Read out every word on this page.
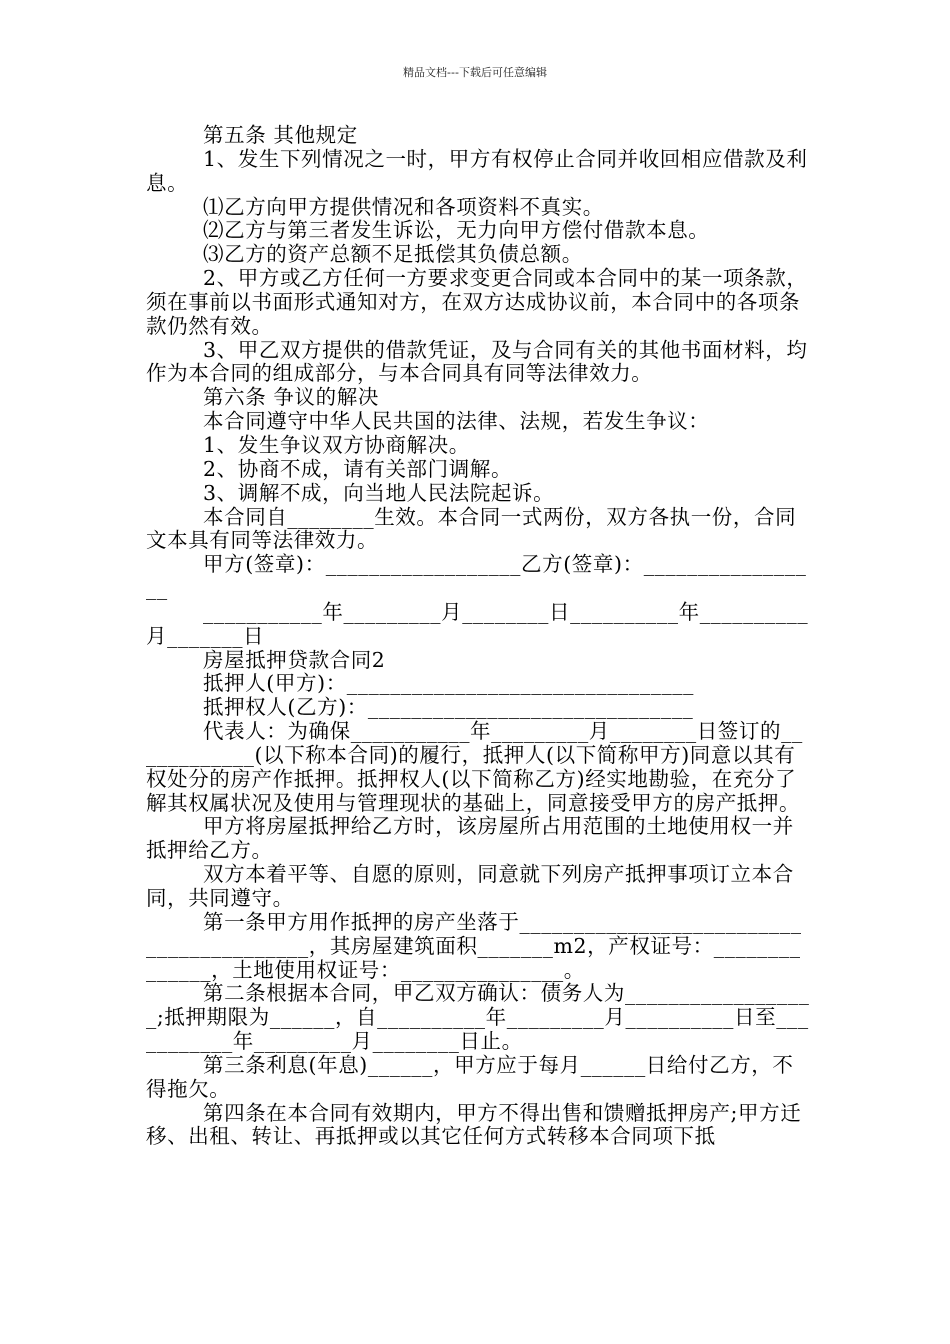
精品文档---下载后可任意编辑

第五条 其他规定

1、发生下列情况之一时，甲方有权停止合同并收回相应借款及利息。

⑴乙方向甲方提供情况和各项资料不真实。

⑵乙方与第三者发生诉讼，无力向甲方偿付借款本息。

⑶乙方的资产总额不足抵偿其负债总额。

2、甲方或乙方任何一方要求变更合同或本合同中的某一项条款，须在事前以书面形式通知对方，在双方达成协议前，本合同中的各项条款仍然有效。

3、甲乙双方提供的借款凭证，及与合同有关的其他书面材料，均作为本合同的组成部分，与本合同具有同等法律效力。

第六条 争议的解决

本合同遵守中华人民共国的法律、法规，若发生争议：

1、发生争议双方协商解决。

2、协商不成，请有关部门调解。

3、调解不成，向当地人民法院起诉。

本合同自________生效。本合同一式两份，双方各执一份，合同文本具有同等法律效力。

甲方(签章)：__________________乙方(签章)：_________________

___________年_________月________日__________年__________月_______日

房屋抵押贷款合同2

抵押人(甲方)：________________________________

抵押权人(乙方)：______________________________

代表人：为确保___________年_________月________日签订的____________(以下称本合同)的履行，抵押人(以下简称甲方)同意以其有权处分的房产作抵押。抵押权人(以下简称乙方)经实地勘验，在充分了解其权属状况及使用与管理现状的基础上，同意接受甲方的房产抵押。

甲方将房屋抵押给乙方时，该房屋所占用范围的土地使用权一并抵押给乙方。

双方本着平等、自愿的原则，同意就下列房产抵押事项订立本合同，共同遵守。

第一条甲方用作抵押的房产坐落于_________________________________________，其房屋建筑面积_______m2，产权证号：______________，土地使用权证号：_______________。

第二条根据本合同，甲乙双方确认：债务人为__________________;抵押期限为______，自__________年_________月__________日至___________年_________月________日止。

第三条利息(年息)______，甲方应于每月______日给付乙方，不得拖欠。

第四条在本合同有效期内，甲方不得出售和馈赠抵押房产;甲方迁移、出租、转让、再抵押或以其它任何方式转移本合同项下抵
